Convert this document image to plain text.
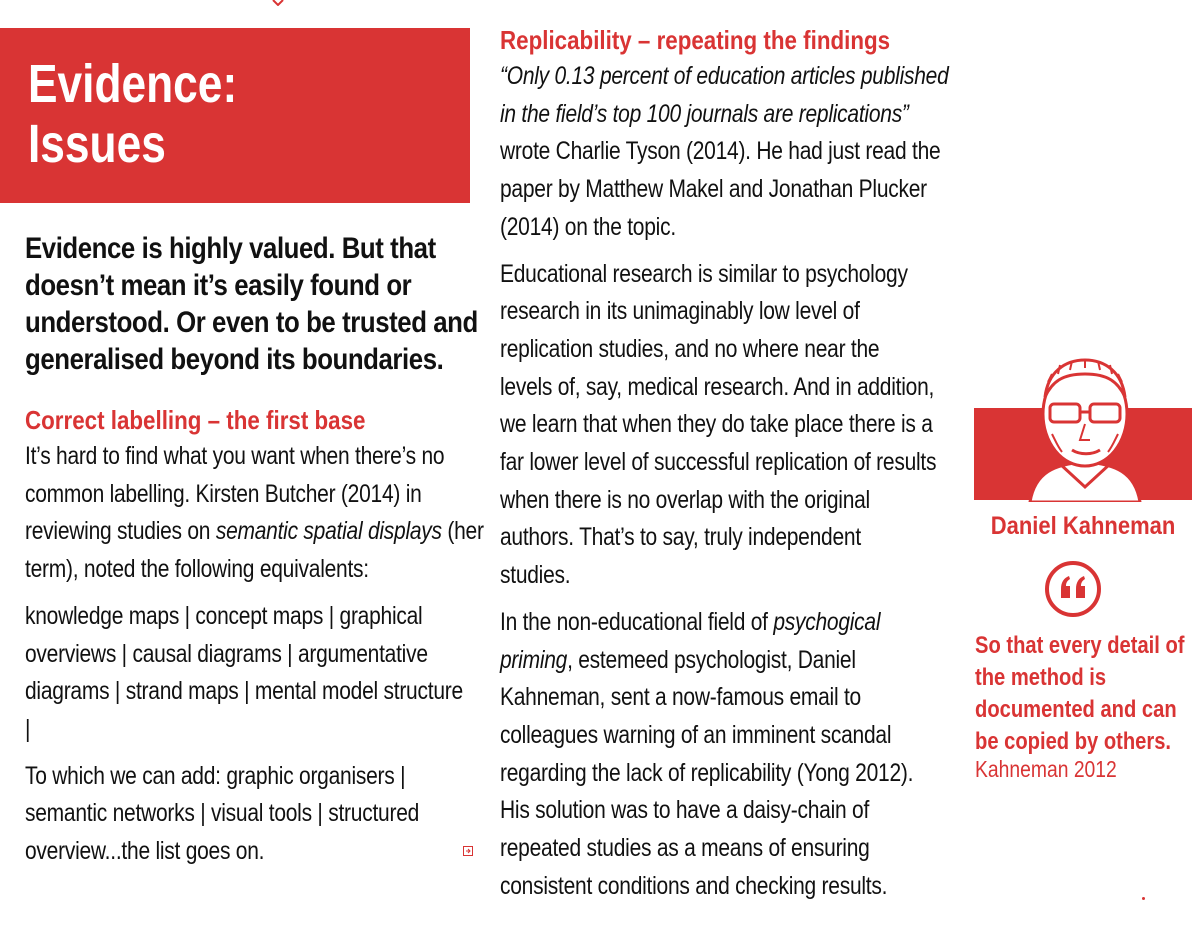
Evidence:
Issues
Evidence is highly valued. But that doesn’t mean it’s easily found or understood. Or even to be trusted and generalised beyond its boundaries.
Correct labelling – the first base
It’s hard to find what you want when there’s no common labelling. Kirsten Butcher (2014) in reviewing studies on semantic spatial displays (her term), noted the following equivalents:
knowledge maps | concept maps | graphical overviews | causal diagrams | argumentative diagrams | strand maps | mental model structure |
To which we can add: graphic organisers | semantic networks | visual tools | structured overview...the list goes on.
Replicability – repeating the findings
“Only 0.13 percent of education articles published in the field’s top 100 journals are replications” wrote Charlie Tyson (2014). He had just read the paper by Matthew Makel and Jonathan Plucker (2014) on the topic.
Educational research is similar to psychology research in its unimaginably low level of replication studies, and no where near the levels of, say, medical research. And in addition, we learn that when they do take place there is a far lower level of successful replication of results when there is no overlap with the original authors. That’s to say, truly independent studies.
In the non-educational field of psychogical priming, estemeed psychologist, Daniel Kahneman, sent a now-famous email to colleagues warning of an imminent scandal regarding the lack of replicability (Yong 2012). His solution was to have a daisy-chain of repeated studies as a means of ensuring consistent conditions and checking results.
Daniel Kahneman
So that every detail of the method is documented and can be copied by others.
Kahneman 2012
